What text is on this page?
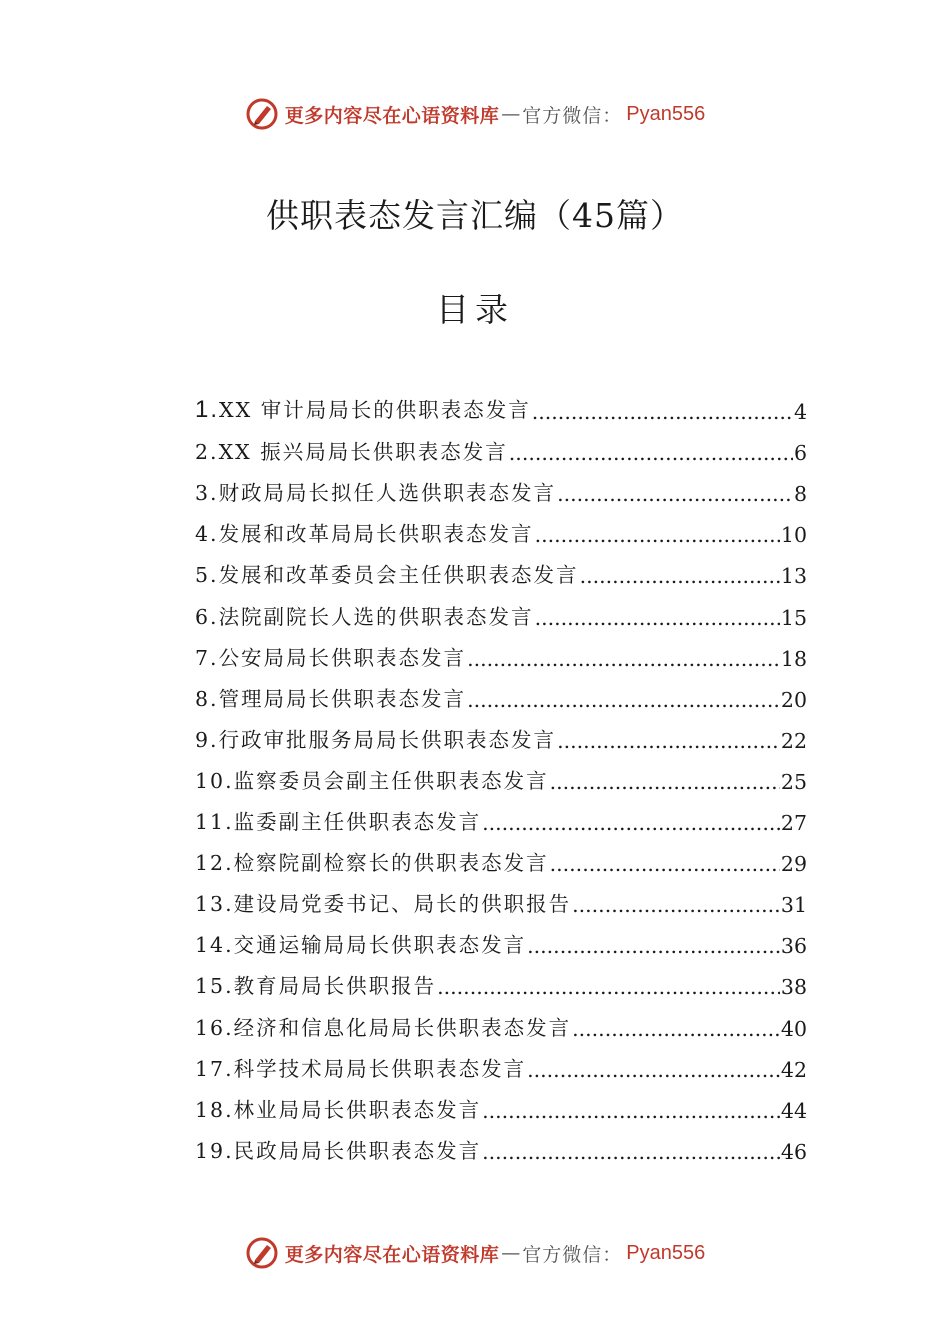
更多内容尽在心语资料库 — 官方微信： Pyan556
供职表态发言汇编（45篇）
目录
1.XX 审计局局长的供职表态发言 .....	4
2.XX 振兴局局长供职表态发言 .....	6
3.财政局局长拟任人选供职表态发言 .....	8
4.发展和改革局局长供职表态发言 .....	10
5.发展和改革委员会主任供职表态发言 .....	13
6.法院副院长人选的供职表态发言 .....	15
7.公安局局长供职表态发言 .....	18
8.管理局局长供职表态发言 .....	20
9.行政审批服务局局长供职表态发言 .....	22
10.监察委员会副主任供职表态发言 .....	25
11.监委副主任供职表态发言 .....	27
12.检察院副检察长的供职表态发言 .....	29
13.建设局党委书记、局长的供职报告 .....	31
14.交通运输局局长供职表态发言 .....	36
15.教育局局长供职报告 .....	38
16.经济和信息化局局长供职表态发言 .....	40
17.科学技术局局长供职表态发言 .....	42
18.林业局局长供职表态发言 .....	44
19.民政局局长供职表态发言 .....	46
更多内容尽在心语资料库 — 官方微信： Pyan556
